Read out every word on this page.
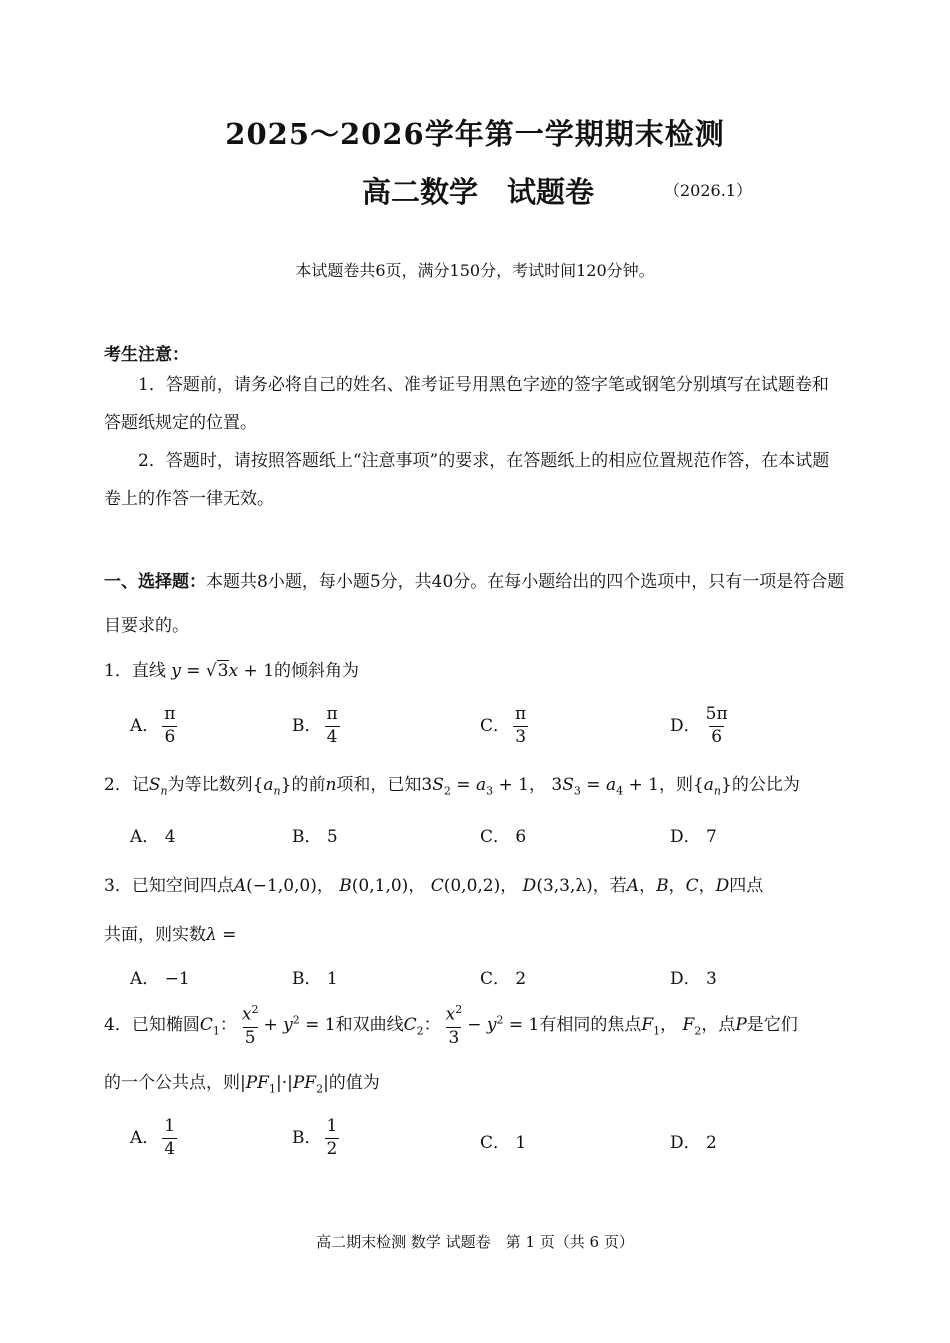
2025～2026学年第一学期期末检测
高二数学　试题卷	（2026.1）
本试题卷共6页，满分150分，考试时间120分钟。
考生注意：
1．答题前，请务必将自己的姓名、准考证号用黑色字迹的签字笔或钢笔分别填写在试题卷和答题纸规定的位置。
2．答题时，请按照答题纸上“注意事项”的要求，在答题纸上的相应位置规范作答，在本试题卷上的作答一律无效。
一、选择题：本题共8小题，每小题5分，共40分。在每小题给出的四个选项中，只有一项是符合题目要求的。
1．直线 y = √3x + 1的倾斜角为
A． $\frac{\pi}{6}$	B． $\frac{\pi}{4}$	C． $\frac{\pi}{3}$	D． $\frac{5\pi}{6}$
2．记$S_n$为等比数列$\{a_n\}$的前n项和，已知$3S_2 = a_3 + 1$， $3S_3 = a_4 + 1$，则$\{a_n\}$的公比为
A． 4	B． 5	C． 6	D． 7
3．已知空间四点A(−1,0,0)， B(0,1,0)， C(0,0,2)， D(3,3,λ)，若A，B，C，D四点
共面，则实数λ =
A． −1	B． 1	C． 2	D． 3
4．已知椭圆$C_1$： $\frac{x^2}{5} + y^2 = 1$和双曲线$C_2$： $\frac{x^2}{3} - y^2 = 1$有相同的焦点$F_1$， $F_2$，点P是它们
的一个公共点，则$|PF_1|\cdot|PF_2|$的值为
A． $\frac{1}{4}$	B． $\frac{1}{2}$	C． 1	D． 2
高二期末检测 数学 试题卷　第 1 页（共 6 页）
